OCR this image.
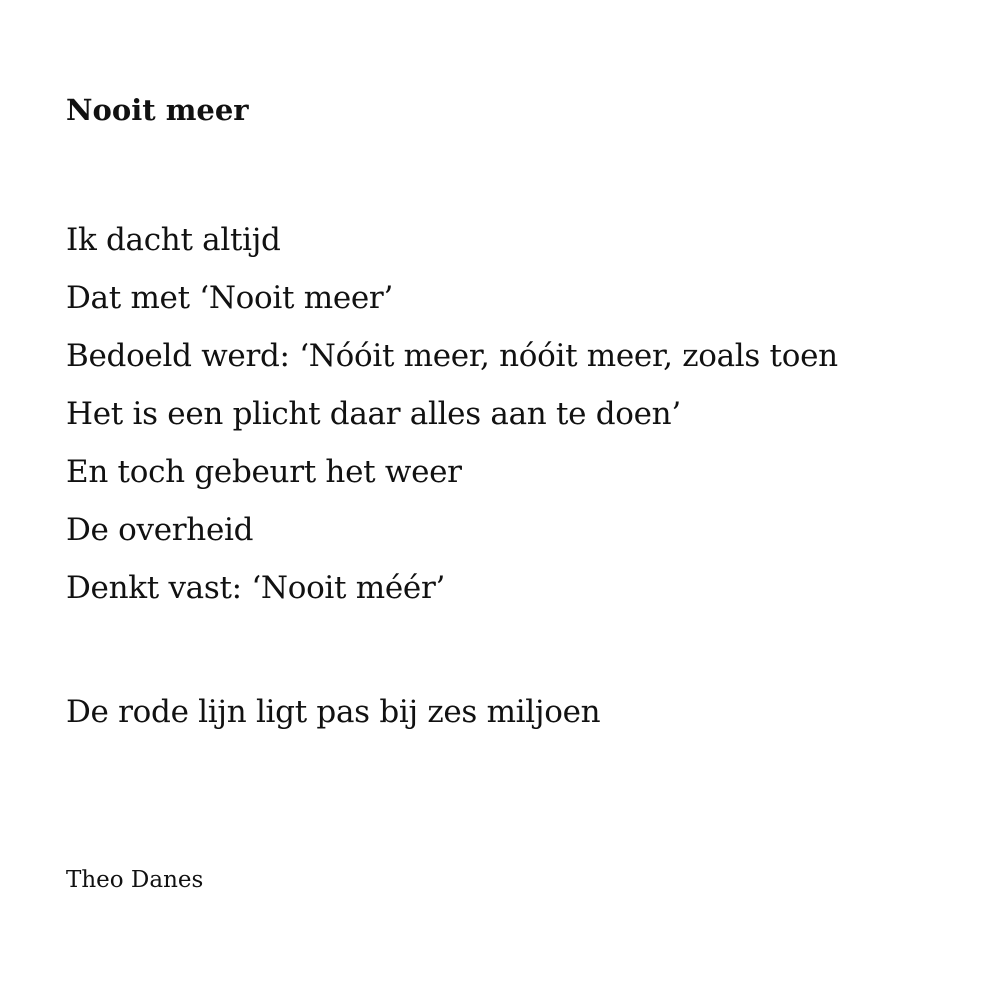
Nooit meer
Ik dacht altijd
Dat met ‘Nooit meer’
Bedoeld werd: ‘Nóóit meer, nóóit meer, zoals toen
Het is een plicht daar alles aan te doen’
En toch gebeurt het weer
De overheid
Denkt vast: ‘Nooit méér’
De rode lijn ligt pas bij zes miljoen

Theo Danes
